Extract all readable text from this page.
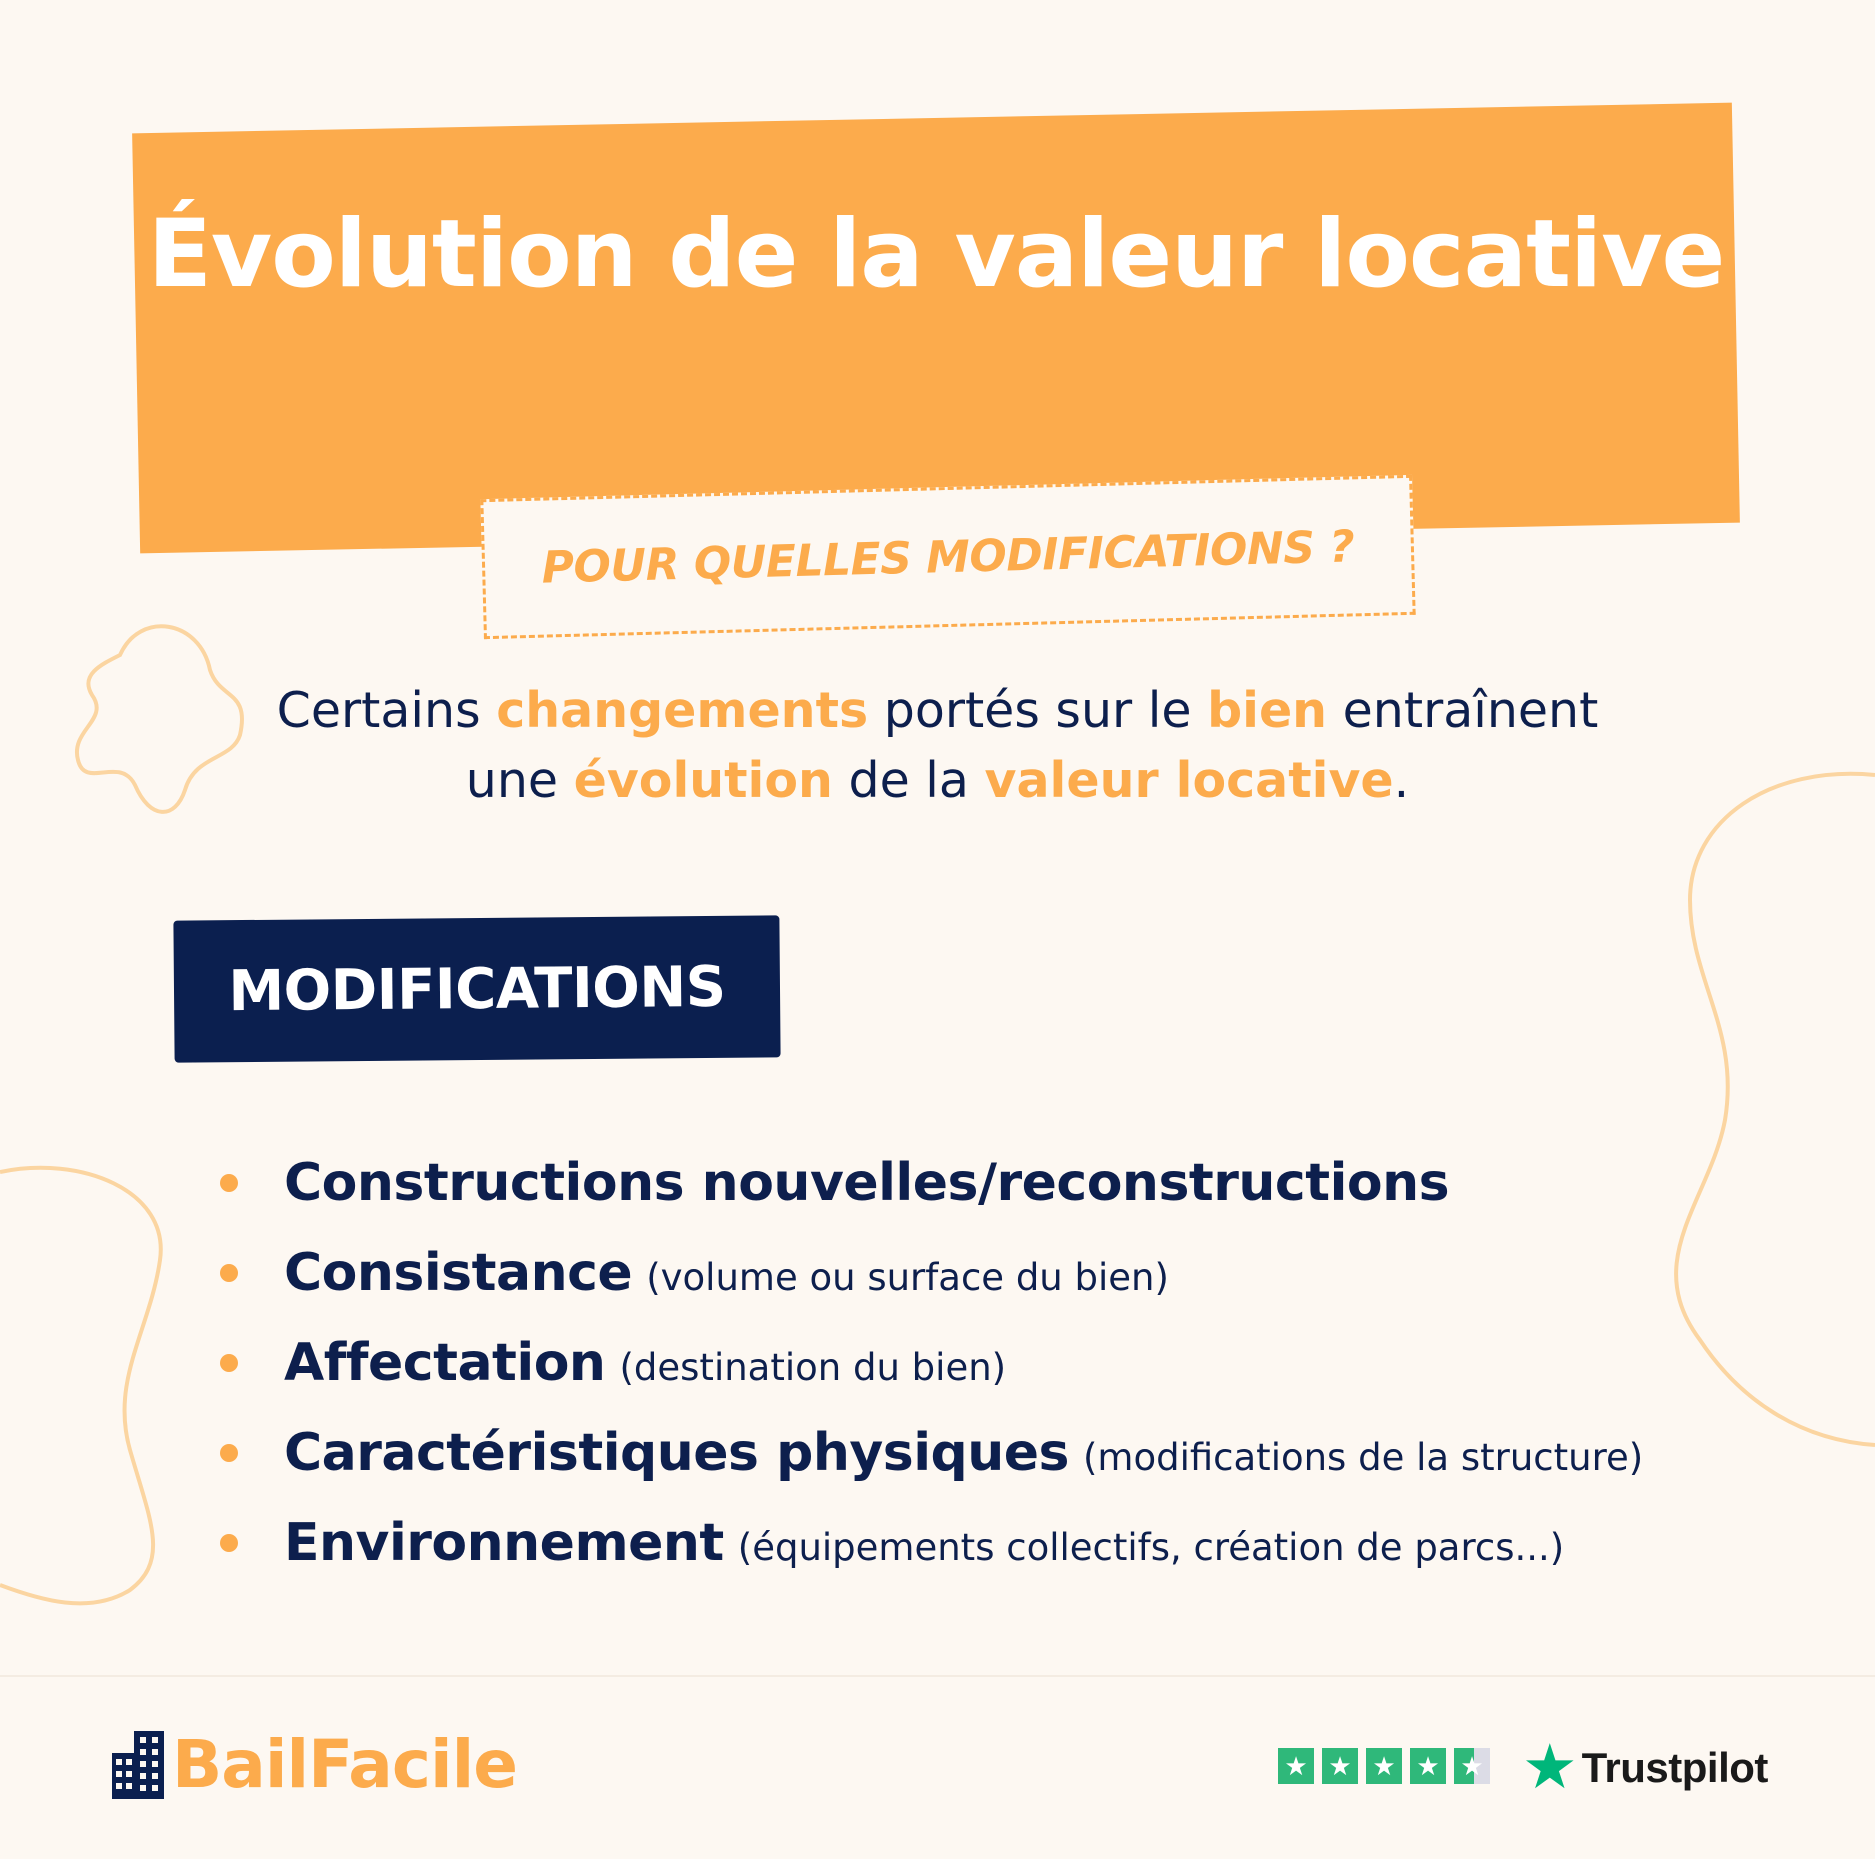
Évolution de la valeur locative
POUR QUELLES MODIFICATIONS ?

Certains changements portés sur le bien entraînent
une évolution de la valeur locative.

MODIFICATIONS
Constructions nouvelles/reconstructions
Consistance (volume ou surface du bien)
Affectation (destination du bien)
Caractéristiques physiques (modifications de la structure)
Environnement (équipements collectifs, création de parcs...)
BailFacile	★ ★ ★ ★ ★ ★ Trustpilot
